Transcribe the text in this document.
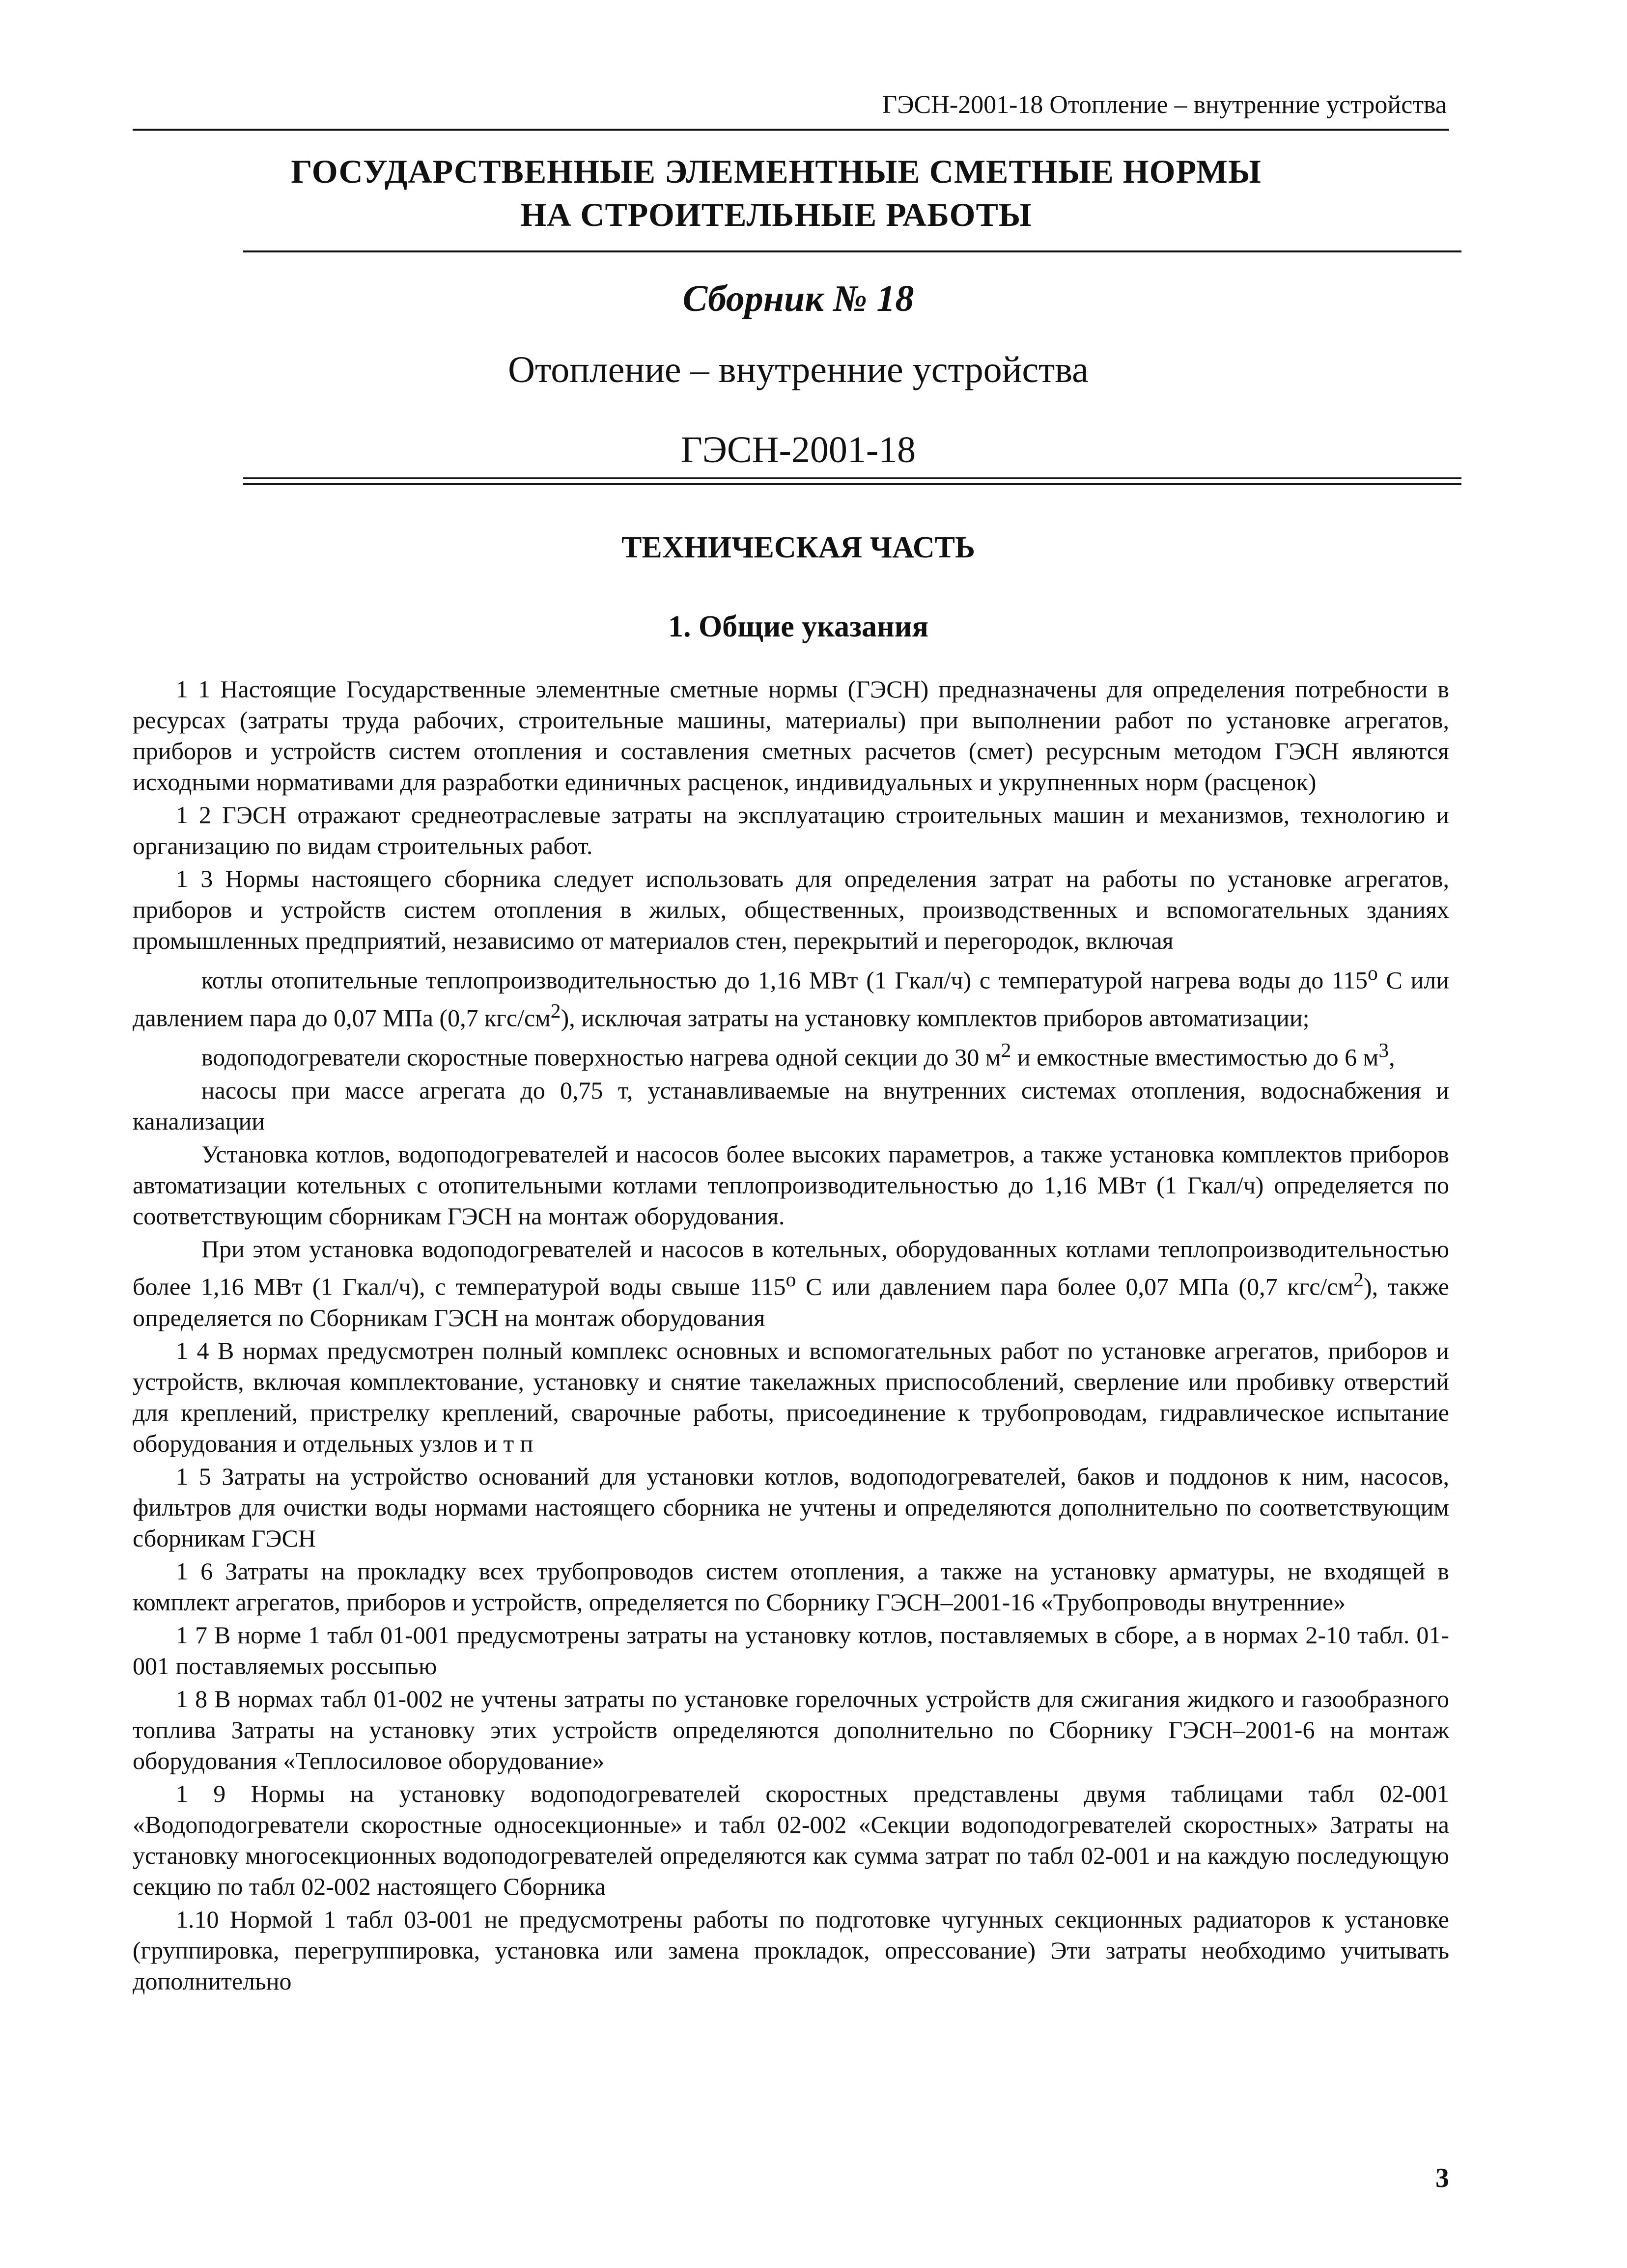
ГЭСН-2001-18 Отопление – внутренние устройства
ГОСУДАРСТВЕННЫЕ ЭЛЕМЕНТНЫЕ СМЕТНЫЕ НОРМЫ
НА СТРОИТЕЛЬНЫЕ РАБОТЫ
Сборник № 18
Отопление – внутренние устройства
ГЭСН-2001-18
ТЕХНИЧЕСКАЯ ЧАСТЬ
1. Общие указания

1 1 Настоящие Государственные элементные сметные нормы (ГЭСН) предназначены для определения потребности в ресурсах (затраты труда рабочих, строительные машины, материалы) при выполнении работ по установке агрегатов, приборов и устройств систем отопления и составления сметных расчетов (смет) ресурсным методом ГЭСН являются исходными нормативами для разработки единичных расценок, индивидуальных и укрупненных норм (расценок)

1 2 ГЭСН отражают среднеотраслевые затраты на эксплуатацию строительных машин и механизмов, технологию и организацию по видам строительных работ.

1 3 Нормы настоящего сборника следует использовать для определения затрат на работы по установке агрегатов, приборов и устройств систем отопления в жилых, общественных, производственных и вспомогательных зданиях промышленных предприятий, независимо от материалов стен, перекрытий и перегородок, включая

котлы отопительные теплопроизводительностью до 1,16 МВт (1 Гкал/ч) с температурой нагрева воды до 115$^o$ С или давлением пара до 0,07 МПа (0,7 кгс/$см^2$), исключая затраты на установку комплектов приборов автоматизации;

водоподогреватели скоростные поверхностью нагрева одной секции до 30 $м^2$ и емкостные вместимостью до 6 $м^3$,

насосы при массе агрегата до 0,75 т, устанавливаемые на внутренних системах отопления, водоснабжения и канализации

Установка котлов, водоподогревателей и насосов более высоких параметров, а также установка комплектов приборов автоматизации котельных с отопительными котлами теплопроизводительностью до 1,16 МВт (1 Гкал/ч) определяется по соответствующим сборникам ГЭСН на монтаж оборудования.

При этом установка водоподогревателей и насосов в котельных, оборудованных котлами теплопроизводительностью более 1,16 МВт (1 Гкал/ч), с температурой воды свыше 115$^o$ С или давлением пара более 0,07 МПа (0,7 кгс/$см^2$), также определяется по Сборникам ГЭСН на монтаж оборудования

1 4 В нормах предусмотрен полный комплекс основных и вспомогательных работ по установке агрегатов, приборов и устройств, включая комплектование, установку и снятие такелажных приспособлений, сверление или пробивку отверстий для креплений, пристрелку креплений, сварочные работы, присоединение к трубопроводам, гидравлическое испытание оборудования и отдельных узлов и т п

1 5 Затраты на устройство оснований для установки котлов, водоподогревателей, баков и поддонов к ним, насосов, фильтров для очистки воды нормами настоящего сборника не учтены и определяются дополнительно по соответствующим сборникам ГЭСН

1 6 Затраты на прокладку всех трубопроводов систем отопления, а также на установку арматуры, не входящей в комплект агрегатов, приборов и устройств, определяется по Сборнику ГЭСН–2001-16 «Трубопроводы внутренние»

1 7 В норме 1 табл 01-001 предусмотрены затраты на установку котлов, поставляемых в сборе, а в нормах 2-10 табл. 01-001 поставляемых россыпью

1 8 В нормах табл 01-002 не учтены затраты по установке горелочных устройств для сжигания жидкого и газообразного топлива Затраты на установку этих устройств определяются дополнительно по Сборнику ГЭСН–2001-6 на монтаж оборудования «Теплосиловое оборудование»

1 9 Нормы на установку водоподогревателей скоростных представлены двумя таблицами табл 02-001 «Водоподогреватели скоростные односекционные» и табл 02-002 «Секции водоподогревателей скоростных» Затраты на установку многосекционных водоподогревателей определяются как сумма затрат по табл 02-001 и на каждую последующую секцию по табл 02-002 настоящего Сборника

1.10 Нормой 1 табл 03-001 не предусмотрены работы по подготовке чугунных секционных радиаторов к установке (группировка, перегруппировка, установка или замена прокладок, опрессование) Эти затраты необходимо учитывать дополнительно

3
